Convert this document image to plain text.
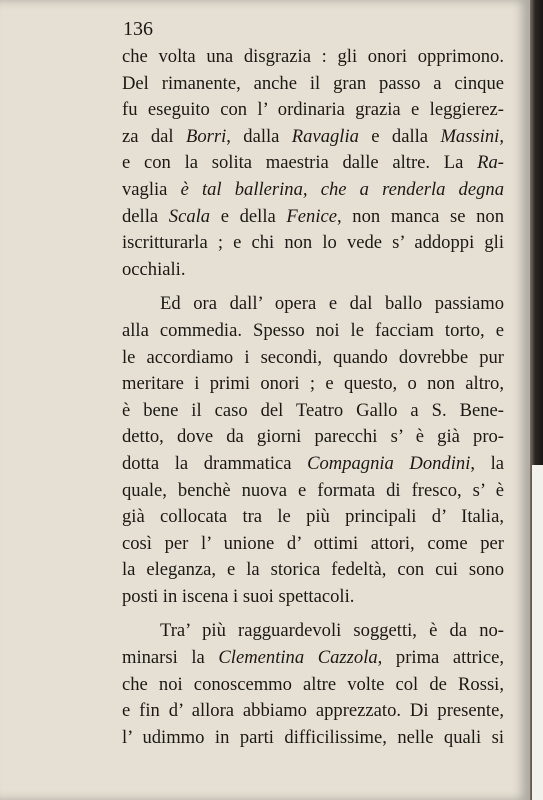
136
che volta una disgrazia : gli onori opprimono.
Del rimanente, anche il gran passo a cinque
fu eseguito con l’ ordinaria grazia e leggierez-
za dal Borri, dalla Ravaglia e dalla Massini,
e con la solita maestria dalle altre. La Ra-
vaglia è tal ballerina, che a renderla degna
della Scala e della Fenice, non manca se non
iscritturarla ; e chi non lo vede s’ addoppi gli
occhiali.
Ed ora dall’ opera e dal ballo passiamo
alla commedia. Spesso noi le facciam torto, e
le accordiamo i secondi, quando dovrebbe pur
meritare i primi onori ; e questo, o non altro,
è bene il caso del Teatro Gallo a S. Bene-
detto, dove da giorni parecchi s’ è già pro-
dotta la drammatica Compagnia Dondini, la
quale, benchè nuova e formata di fresco, s’ è
già collocata tra le più principali d’ Italia,
così per l’ unione d’ ottimi attori, come per
la eleganza, e la storica fedeltà, con cui sono
posti in iscena i suoi spettacoli.
Tra’ più ragguardevoli soggetti, è da no-
minarsi la Clementina Cazzola, prima attrice,
che noi conoscemmo altre volte col de Rossi,
e fin d’ allora abbiamo apprezzato. Di presente,
l’ udimmo in parti difficilissime, nelle quali si
